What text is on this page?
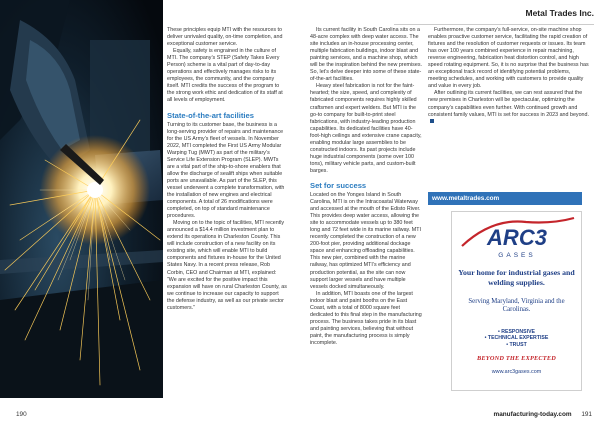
Metal Trades Inc.

These principles equip MTI with the resources to deliver unrivaled quality, on-time completion, and exceptional customer service.

Equally, safety is engrained in the culture of MTI. The company’s STEP (Safety Takes Every Person) scheme is a vital part of day-to-day operations and effectively manages risks to its employees, the community, and the company itself. MTI credits the success of the program to the strong work ethic and dedication of its staff at all levels of employment.

State-of-the-art facilities

Turning to its customer base, the business is a long-serving provider of repairs and maintenance for the US Army’s fleet of vessels. In November 2022, MTI completed the First US Army Modular Warping Tug (MWT) as part of the military’s Service Life Extension Program (SLEP). MWTs are a vital part of the ship-to-shore enablers that allow the discharge of sealift ships when suitable ports are unavailable. As part of the SLEP, this vessel underwent a complete transformation, with the installation of new engines and electrical components. A total of 26 modifications were completed, on top of standard maintenance procedures.

Moving on to the topic of facilities, MTI recently announced a $14.4 million investment plan to extend its operations in Charleston County. This will include construction of a new facility on its existing site, which will enable MTI to build components and fixtures in-house for the United States Navy. In a recent press release, Rob Corbin, CEO and Chairman at MTI, explained: “We are excited for the positive impact this expansion will have on rural Charleston County, as we continue to increase our capacity to support the defense industry, as well as our private sector customers.”

Its current facility in South Carolina sits on a 48-acre complex with deep water access. The site includes an in-house processing center, multiple fabrication buildings, indoor blast and painting services, and a machine shop, which will be the inspiration behind the new premises. So, let’s delve deeper into some of these state-of-the-art facilities.

Heavy steel fabrication is not for the faint-hearted; the size, speed, and complexity of fabricated components requires highly skilled craftsmen and expert welders. But MTI is the go-to company for built-to-print steel fabrications, with industry-leading production capabilities. Its dedicated facilities have 40-foot-high ceilings and extensive crane capacity, enabling modular large assemblies to be constructed indoors. Its past projects include huge industrial components (some over 100 tons), military vehicle parts, and custom-built barges.

Set for success

Located on the Yonges Island in South Carolina, MTI is on the Intracoastal Waterway and accessed at the mouth of the Edisto River. This provides deep water access, allowing the site to accommodate vessels up to 380 feet long and 72 feet wide in its marine railway. MTI recently completed the construction of a new 200-foot pier, providing additional dockage space and enhancing offloading capabilities. This new pier, combined with the marine railway, has optimized MTI’s efficiency and production potential, as the site can now support larger vessels and have multiple vessels docked simultaneously.

In addition, MTI boasts one of the largest indoor blast and paint booths on the East Coast, with a total of 8000 square feet dedicated to this final step in the manufacturing process. The business takes pride in its blast and painting services, believing that without paint, the manufacturing process is simply incomplete.

Furthermore, the company’s full-service, on-site machine shop enables proactive customer service, facilitating the rapid creation of fixtures and the resolution of customer requests or issues. Its team has over 100 years combined experience in repair machining, reverse engineering, fabrication heat distortion control, and high speed rotating equipment. So, it is no surprise that the business has an exceptional track record of identifying potential problems, meeting schedules, and working with customers to provide quality and value in every job.

After outlining its current facilities, we can rest assured that the new premises in Charleston will be spectacular, optimizing the company’s capabilities even further. With continued growth and consistent family values, MTI is set for success in 2023 and beyond.

www.metaltrades.com
ARC3
GASES
Your home for industrial gases and welding supplies.
Serving Maryland, Virginia and the Carolinas.
• RESPONSIVE
• TECHNICAL EXPERTISE
• TRUST
BEYOND THE EXPECTED
www.arc3gases.com
190	manufacturing-today.com 191
